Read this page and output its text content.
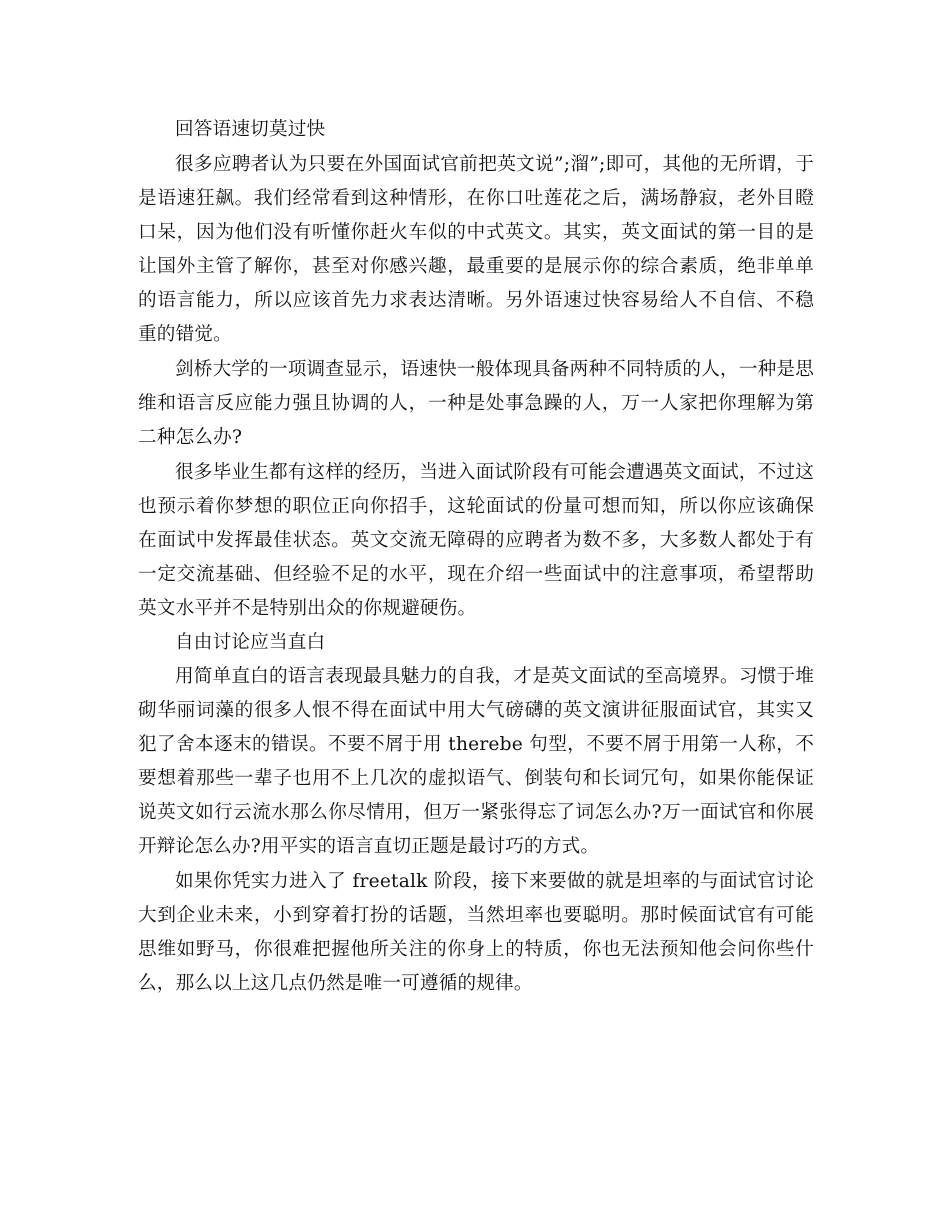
回答语速切莫过快

很多应聘者认为只要在外国面试官前把英文说”;溜”;即可，其他的无所谓，于是语速狂飙。我们经常看到这种情形，在你口吐莲花之后，满场静寂，老外目瞪口呆，因为他们没有听懂你赶火车似的中式英文。其实，英文面试的第一目的是让国外主管了解你，甚至对你感兴趣，最重要的是展示你的综合素质，绝非单单的语言能力，所以应该首先力求表达清晰。另外语速过快容易给人不自信、不稳重的错觉。

剑桥大学的一项调查显示，语速快一般体现具备两种不同特质的人，一种是思维和语言反应能力强且协调的人，一种是处事急躁的人，万一人家把你理解为第二种怎么办?

很多毕业生都有这样的经历，当进入面试阶段有可能会遭遇英文面试，不过这也预示着你梦想的职位正向你招手，这轮面试的份量可想而知，所以你应该确保在面试中发挥最佳状态。英文交流无障碍的应聘者为数不多，大多数人都处于有一定交流基础、但经验不足的水平，现在介绍一些面试中的注意事项，希望帮助英文水平并不是特别出众的你规避硬伤。

自由讨论应当直白

用简单直白的语言表现最具魅力的自我，才是英文面试的至高境界。习惯于堆砌华丽词藻的很多人恨不得在面试中用大气磅礴的英文演讲征服面试官，其实又犯了舍本逐末的错误。不要不屑于用 therebe 句型，不要不屑于用第一人称，不要想着那些一辈子也用不上几次的虚拟语气、倒装句和长词冗句，如果你能保证说英文如行云流水那么你尽情用，但万一紧张得忘了词怎么办?万一面试官和你展开辩论怎么办?用平实的语言直切正题是最讨巧的方式。

如果你凭实力进入了 freetalk 阶段，接下来要做的就是坦率的与面试官讨论大到企业未来，小到穿着打扮的话题，当然坦率也要聪明。那时候面试官有可能思维如野马，你很难把握他所关注的你身上的特质，你也无法预知他会问你些什么，那么以上这几点仍然是唯一可遵循的规律。
